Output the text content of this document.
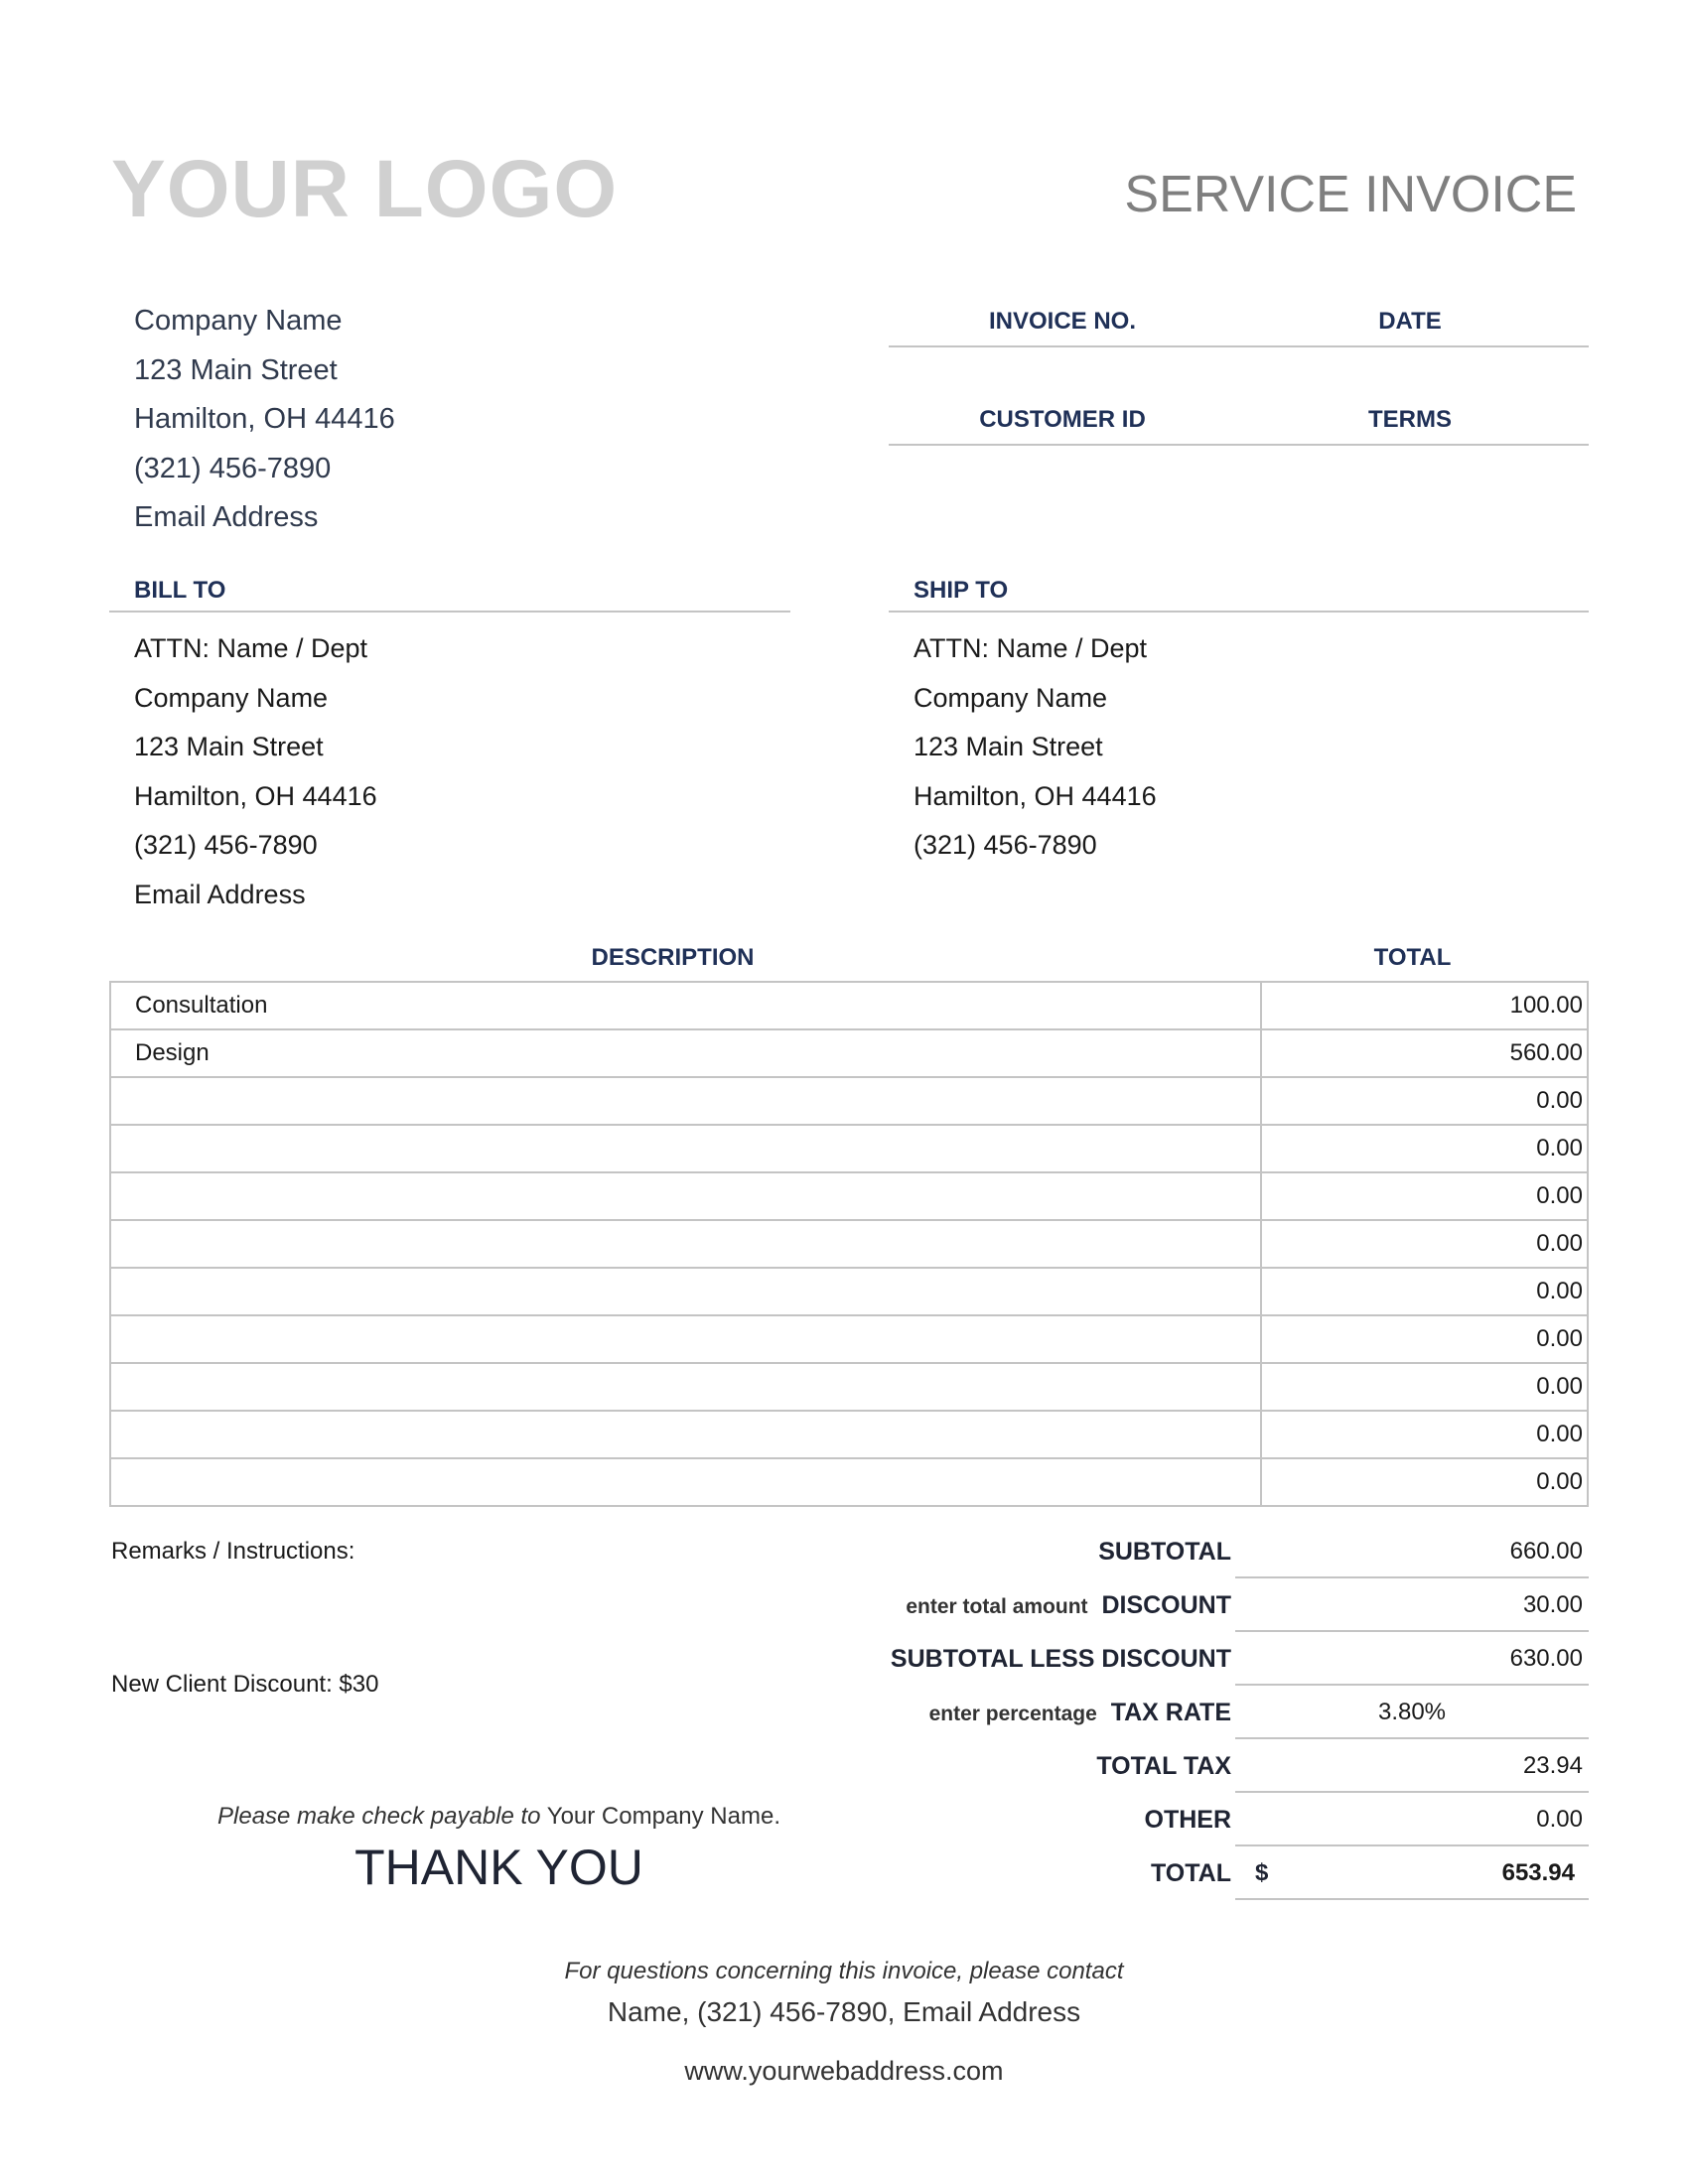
YOUR LOGO	SERVICE INVOICE
Company Name
123 Main Street
Hamilton, OH 44416
(321) 456-7890
Email Address
INVOICE NO.	DATE
CUSTOMER ID	TERMS
BILL TO
ATTN: Name / Dept
Company Name
123 Main Street
Hamilton, OH 44416
(321) 456-7890
Email Address
SHIP TO
ATTN: Name / Dept
Company Name
123 Main Street
Hamilton, OH 44416
(321) 456-7890
DESCRIPTION	TOTAL
Consultation	100.00
Design	560.00
	0.00
	0.00
	0.00
	0.00
	0.00
	0.00
	0.00
	0.00
	0.00
Remarks / Instructions:
New Client Discount: $30
SUBTOTAL	660.00
enter total amount DISCOUNT	30.00
SUBTOTAL LESS DISCOUNT	630.00
enter percentage TAX RATE	3.80%
TOTAL TAX	23.94
OTHER	0.00
TOTAL $	653.94
Please make check payable to Your Company Name.
THANK YOU
For questions concerning this invoice, please contact
Name, (321) 456-7890, Email Address
www.yourwebaddress.com
